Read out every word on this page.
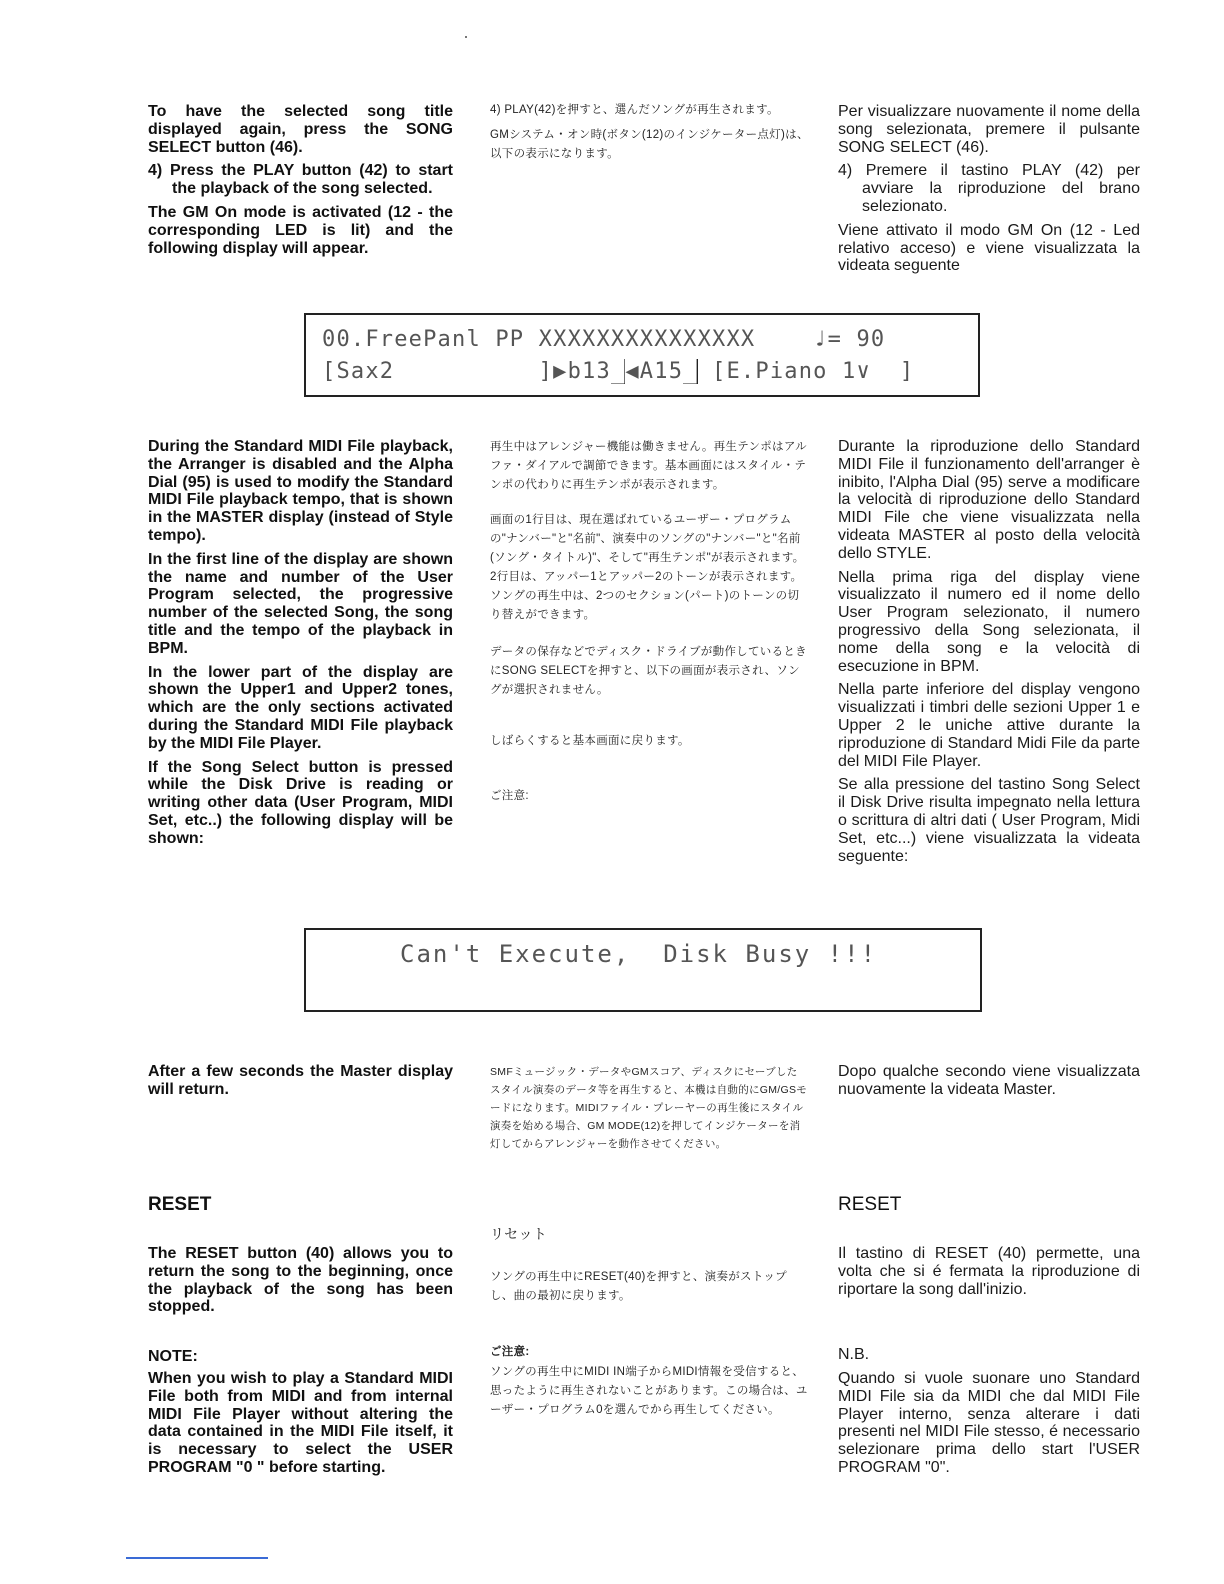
To have the selected song title displayed again, press the SONG SELECT button (46).

4) Press the PLAY button (42) to start the playback of the song selected.

The GM On mode is activated (12 - the corresponding LED is lit) and the following display will appear.

4) PLAY(42)を押すと、選んだソングが再生されます。

GMシステム・オン時(ボタン(12)のインジケーター点灯)は、以下の表示になります。

Per visualizzare nuovamente il nome della song selezionata, premere il pulsante SONG SELECT (46).

4) Premere il tastino PLAY (42) per avviare la riproduzione del brano selezionato.

Viene attivato il modo GM On (12 - Led relativo acceso) e viene visualizzata la videata seguente

00.FreePanl PP XXXXXXXXXXXXXXX    ♩= 90
[Sax2          ]▶b13█◀A15█ [E.Piano 1∨  ]

During the Standard MIDI File playback, the Arranger is disabled and the Alpha Dial (95) is used to modify the Standard MIDI File playback tempo, that is shown in the MASTER display (instead of Style tempo).

In the first line of the display are shown the name and number of the User Program selected, the progressive number of the selected Song, the song title and the tempo of the playback in BPM.

In the lower part of the display are shown the Upper1 and Upper2 tones, which are the only sections activated during the Standard MIDI File playback by the MIDI File Player.

If the Song Select button is pressed while the Disk Drive is reading or writing other data (User Program, MIDI Set, etc..) the following display will be shown:

再生中はアレンジャー機能は働きません。再生テンポはアルファ・ダイアルで調節できます。基本画面にはスタイル・テンポの代わりに再生テンポが表示されます。

画面の1行目は、現在選ばれているユーザー・プログラムの"ナンバー"と"名前"、演奏中のソングの"ナンバー"と"名前(ソング・タイトル)"、そして"再生テンポ"が表示されます。

2行目は、アッパー1とアッパー2のトーンが表示されます。ソングの再生中は、2つのセクション(パート)のトーンの切り替えができます。

データの保存などでディスク・ドライブが動作しているときにSONG SELECTを押すと、以下の画面が表示され、ソングが選択されません。

しばらくすると基本画面に戻ります。

ご注意:

Durante la riproduzione dello Standard MIDI File il funzionamento dell'arranger è inibito, l'Alpha Dial (95) serve a modificare la velocità di riproduzione dello Standard MIDI File che viene visualizzata nella videata MASTER al posto della velocità dello STYLE.

Nella prima riga del display viene visualizzato il numero ed il nome dello User Program selezionato, il numero progressivo della Song selezionata, il nome della song e la velocità di esecuzione in BPM.

Nella parte inferiore del display vengono visualizzati i timbri delle sezioni Upper 1 e Upper 2 le uniche attive durante la riproduzione di Standard Midi File da parte del MIDI File Player.

Se alla pressione del tastino Song Select il Disk Drive risulta impegnato nella lettura o scrittura di altri dati ( User Program, Midi Set, etc...) viene visualizzata la videata seguente:

Can't Execute,  Disk Busy !!!

After a few seconds the Master display will return.

SMFミュージック・データやGMスコア、ディスクにセーブしたスタイル演奏のデータ等を再生すると、本機は自動的にGM/GSモードになります。MIDIファイル・プレーヤーの再生後にスタイル演奏を始める場合、GM MODE(12)を押してインジケーターを消灯してからアレンジャーを動作させてください。

Dopo qualche secondo viene visualizzata nuovamente la videata Master.

RESET	RESET
リセット
The RESET button (40) allows you to return the song to the beginning, once the playback of the song has been stopped.
ソングの再生中にRESET(40)を押すと、演奏がストップし、曲の最初に戻ります。
Il tastino di RESET (40) permette, una volta che si é fermata la riproduzione di riportare la song dall'inizio.
NOTE:	N.B.
ご注意:
When you wish to play a Standard MIDI File both from MIDI and from internal MIDI File Player without altering the data contained in the MIDI File itself, it is necessary to select the USER PROGRAM "0 " before starting.
ソングの再生中にMIDI IN端子からMIDI情報を受信すると、思ったように再生されないことがあります。この場合は、ユーザー・プログラム0を選んでから再生してください。
Quando si vuole suonare uno Standard MIDI File sia da MIDI che dal MIDI File Player interno, senza alterare i dati presenti nel MIDI File stesso, é necessario selezionare prima dello start l'USER PROGRAM "0".
